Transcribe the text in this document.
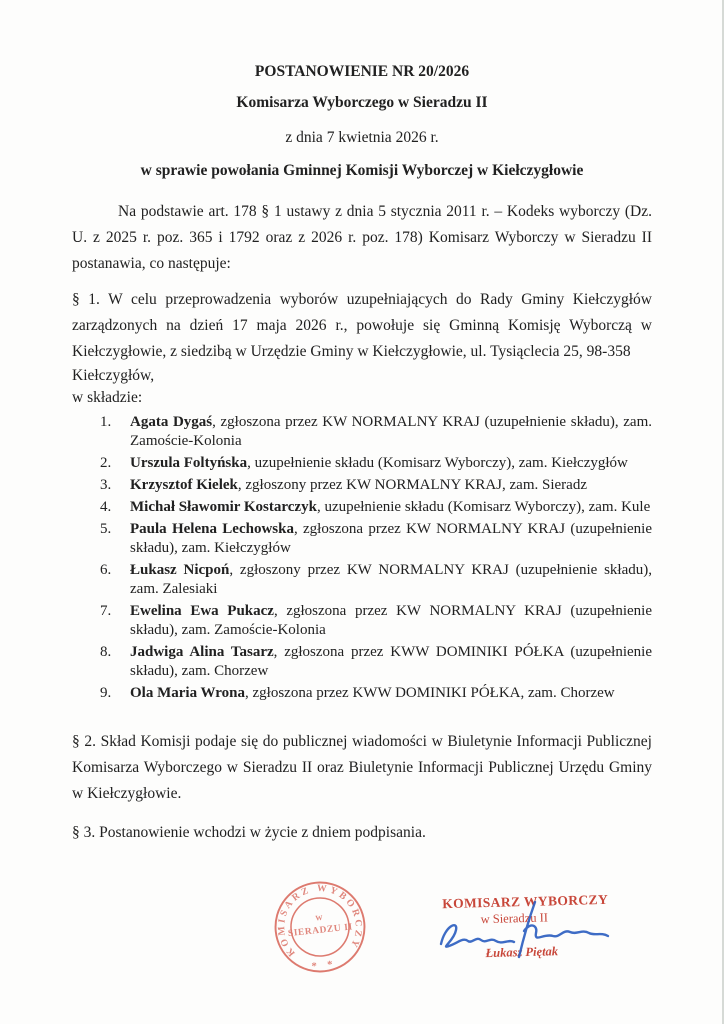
POSTANOWIENIE NR 20/2026
Komisarza Wyborczego w Sieradzu II
z dnia 7 kwietnia 2026 r.
w sprawie powołania Gminnej Komisji Wyborczej w Kiełczygłowie
Na podstawie art. 178 § 1 ustawy z dnia 5 stycznia 2011 r. – Kodeks wyborczy (Dz. U. z 2025 r. poz. 365 i 1792 oraz z 2026 r. poz. 178) Komisarz Wyborczy w Sieradzu II postanawia, co następuje:
§ 1. W celu przeprowadzenia wyborów uzupełniających do Rady Gminy Kiełczygłów zarządzonych na dzień 17 maja 2026 r., powołuje się Gminną Komisję Wyborczą w Kiełczygłowie, z siedzibą w Urzędzie Gminy w Kiełczygłowie, ul. Tysiąclecia 25, 98-358
Kiełczygłów,
w składzie:
1. Agata Dygaś, zgłoszona przez KW NORMALNY KRAJ (uzupełnienie składu), zam. Zamoście-Kolonia
2. Urszula Foltyńska, uzupełnienie składu (Komisarz Wyborczy), zam. Kiełczygłów
3. Krzysztof Kielek, zgłoszony przez KW NORMALNY KRAJ, zam. Sieradz
4. Michał Sławomir Kostarczyk, uzupełnienie składu (Komisarz Wyborczy), zam. Kule
5. Paula Helena Lechowska, zgłoszona przez KW NORMALNY KRAJ (uzupełnienie składu), zam. Kiełczygłów
6. Łukasz Nicpoń, zgłoszony przez KW NORMALNY KRAJ (uzupełnienie składu), zam. Zalesiaki
7. Ewelina Ewa Pukacz, zgłoszona przez KW NORMALNY KRAJ (uzupełnienie składu), zam. Zamoście-Kolonia
8. Jadwiga Alina Tasarz, zgłoszona przez KWW DOMINIKI PÓŁKA (uzupełnienie składu), zam. Chorzew
9. Ola Maria Wrona, zgłoszona przez KWW DOMINIKI PÓŁKA, zam. Chorzew
§ 2. Skład Komisji podaje się do publicznej wiadomości w Biuletynie Informacji Publicznej Komisarza Wyborczego w Sieradzu II oraz Biuletynie Informacji Publicznej Urzędu Gminy w Kiełczygłowie.
§ 3. Postanowienie wchodzi w życie z dniem podpisania.
KOMISARZ WYBORCZY
W
SIERADZU II
* *
KOMISARZ WYBORCZY
w Sieradzu II
Łukasz Piętak
